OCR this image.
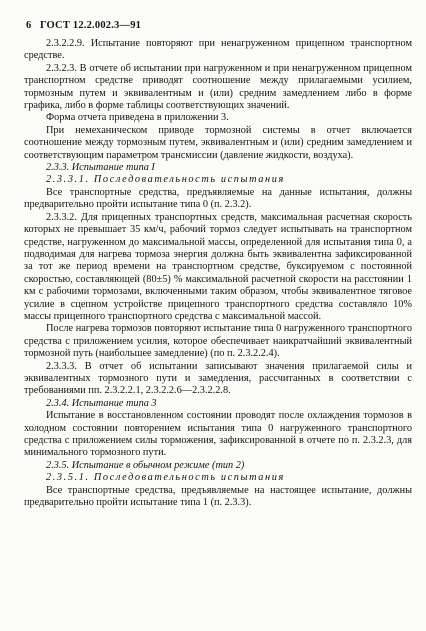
6 ГОСТ 12.2.002.3—91

2.3.2.2.9. Испытание повторяют при ненагруженном прицепном транспортном средстве.

2.3.2.3. В отчете об испытании при нагруженном и при ненагруженном прицепном транспортном средстве приводят соотношение между прилагаемыми усилием, тормозным путем и эквивалентным и (или) средним замедлением либо в форме графика, либо в форме таблицы соответствующих значений.

Форма отчета приведена в приложении 3.

При немеханическом приводе тормозной системы в отчет включается соотношение между тормозным путем, эквивалентным и (или) средним замедлением и соответствующим параметром трансмиссии (давление жидкости, воздуха).

2.3.3. Испытание типа I

2.3.3.1. Последовательность испытания

Все транспортные средства, предъявляемые на данные испытания, должны предварительно пройти испытание типа 0 (п. 2.3.2).

2.3.3.2. Для прицепных транспортных средств, максимальная расчетная скорость которых не превышает 35 км/ч, рабочий тормоз следует испытывать на транспортном средстве, нагруженном до максимальной массы, определенной для испытания типа 0, а подводимая для нагрева тормоза энергия должна быть эквивалентна зафиксированной за тот же период времени на транспортном средстве, буксируемом с постоянной скоростью, составляющей (80±5) % максимальной расчетной скорости на расстоянии 1 км с рабочими тормозами, включенными таким образом, чтобы эквивалентное тяговое усилие в сцепном устройстве прицепного транспортного средства составляло 10% массы прицепного транспортного средства с максимальной массой.

После нагрева тормозов повторяют испытание типа 0 нагруженного транспортного средства с приложением усилия, которое обеспечивает наикратчайший эквивалентный тормозной путь (наибольшее замедление) (по п. 2.3.2.2.4).

2.3.3.3. В отчет об испытании записывают значения прилагаемой силы и эквивалентных тормозного пути и замедления, рассчитанных в соответствии с требованиями пп. 2.3.2.2.1, 2.3.2.2.6—2.3.2.2.8.

2.3.4. Испытание типа 3

Испытание в восстановленном состоянии проводят после охлаждения тормозов в холодном состоянии повторением испытания типа 0 нагруженного транспортного средства с приложением силы торможения, зафиксированной в отчете по п. 2.3.2.3, для минимального тормозного пути.

2.3.5. Испытание в обычном режиме (тип 2)

2.3.5.1. Последовательность испытания

Все транспортные средства, предъявляемые на настоящее испытание, должны предварительно пройти испытание типа 1 (п. 2.3.3).
